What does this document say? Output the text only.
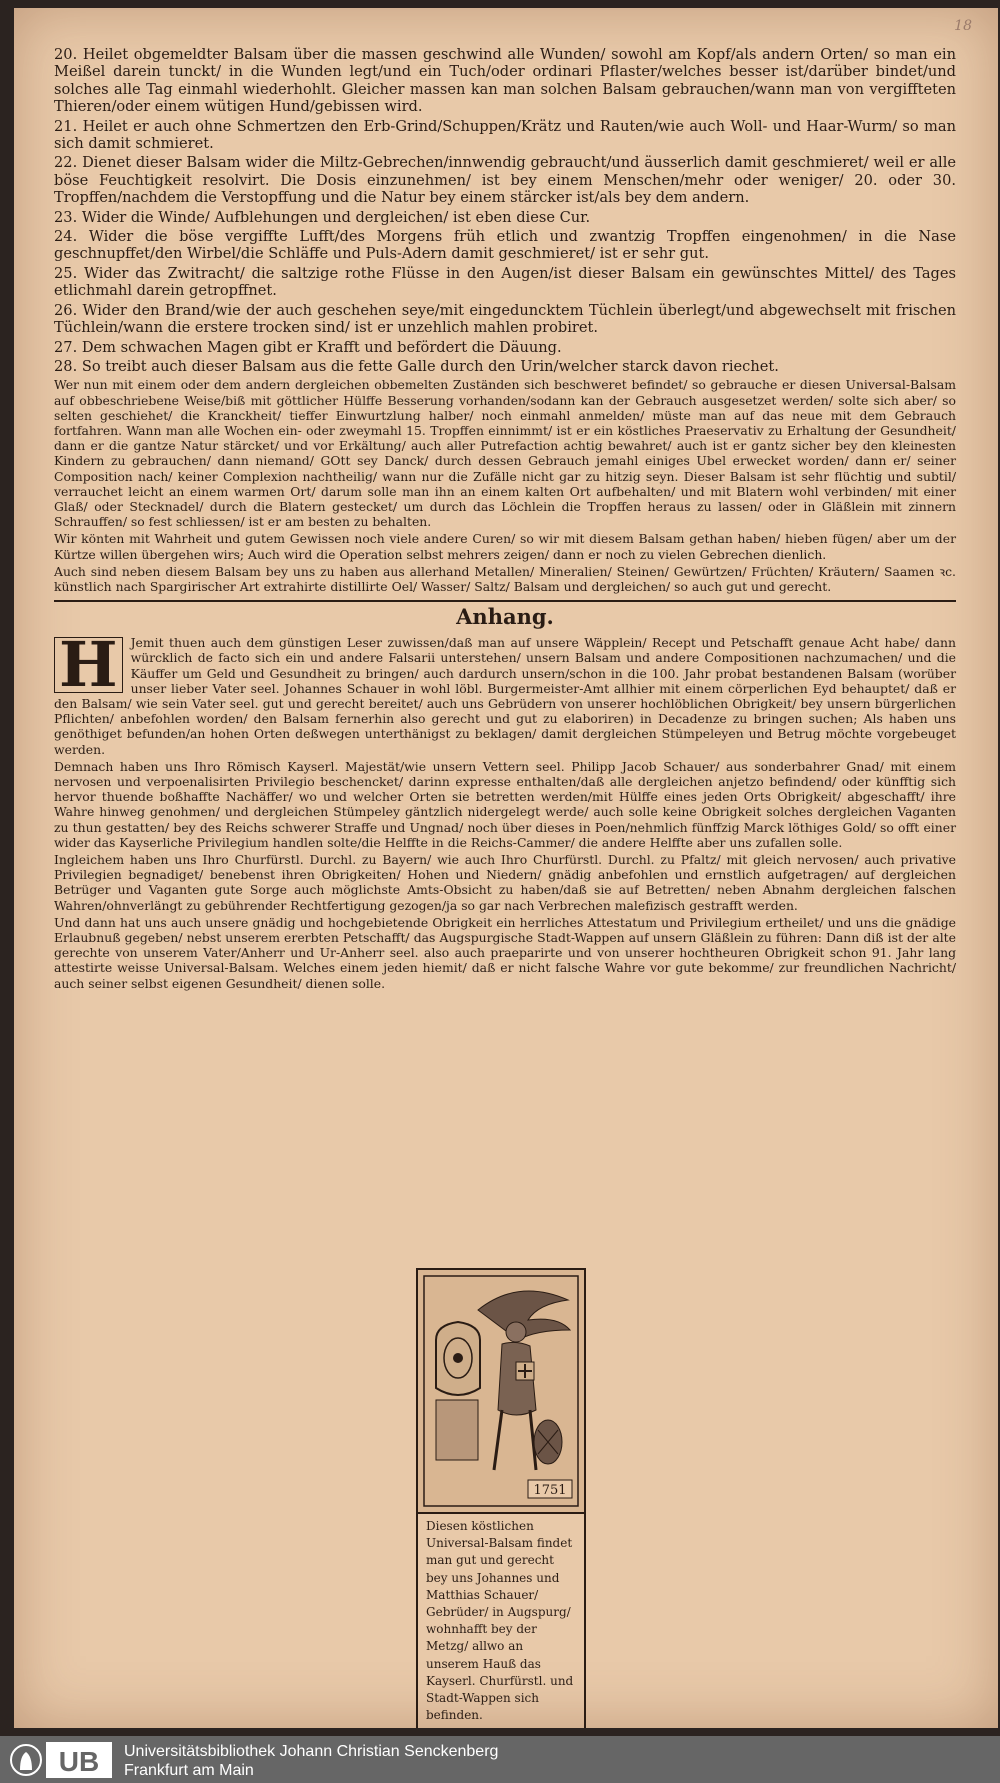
18

20. Heilet obgemeldter Balsam über die massen geschwind alle Wunden/ sowohl am Kopf/als andern Orten/ so man ein Meißel darein tunckt/ in die Wunden legt/und ein Tuch/oder ordinari Pflaster/welches besser ist/darüber bindet/und solches alle Tag einmahl wiederhohlt. Gleicher massen kan man solchen Balsam gebrauchen/wann man von vergiffteten Thieren/oder einem wütigen Hund/gebissen wird.

21. Heilet er auch ohne Schmertzen den Erb-Grind/Schuppen/Krätz und Rauten/wie auch Woll- und Haar-Wurm/ so man sich damit schmieret.

22. Dienet dieser Balsam wider die Miltz-Gebrechen/innwendig gebraucht/und äusserlich damit geschmieret/ weil er alle böse Feuchtigkeit resolvirt. Die Dosis einzunehmen/ ist bey einem Menschen/mehr oder weniger/ 20. oder 30. Tropffen/nachdem die Verstopffung und die Natur bey einem stärcker ist/als bey dem andern.

23. Wider die Winde/ Aufblehungen und dergleichen/ ist eben diese Cur.

24. Wider die böse vergiffte Lufft/des Morgens früh etlich und zwantzig Tropffen eingenohmen/ in die Nase geschnupffet/den Wirbel/die Schläffe und Puls-Adern damit geschmieret/ ist er sehr gut.

25. Wider das Zwitracht/ die saltzige rothe Flüsse in den Augen/ist dieser Balsam ein gewünschtes Mittel/ des Tages etlichmahl darein getropffnet.

26. Wider den Brand/wie der auch geschehen seye/mit eingeduncktem Tüchlein überlegt/und abgewechselt mit frischen Tüchlein/wann die erstere trocken sind/ ist er unzehlich mahlen probiret.

27. Dem schwachen Magen gibt er Krafft und befördert die Däuung.

28. So treibt auch dieser Balsam aus die fette Galle durch den Urin/welcher starck davon riechet.

Wer nun mit einem oder dem andern dergleichen obbemelten Zuständen sich beschweret befindet/ so gebrauche er diesen Universal-Balsam auf obbeschriebene Weise/biß mit göttlicher Hülffe Besserung vorhanden/sodann kan der Gebrauch ausgesetzet werden/ solte sich aber/ so selten geschiehet/ die Kranckheit/ tieffer Einwurtzlung halber/ noch einmahl anmelden/ müste man auf das neue mit dem Gebrauch fortfahren. Wann man alle Wochen ein- oder zweymahl 15. Tropffen einnimmt/ ist er ein köstliches Praeservativ zu Erhaltung der Gesundheit/ dann er die gantze Natur stärcket/ und vor Erkältung/ auch aller Putrefaction achtig bewahret/ auch ist er gantz sicher bey den kleinesten Kindern zu gebrauchen/ dann niemand/ GOtt sey Danck/ durch dessen Gebrauch jemahl einiges Ubel erwecket worden/ dann er/ seiner Composition nach/ keiner Complexion nachtheilig/ wann nur die Zufälle nicht gar zu hitzig seyn. Dieser Balsam ist sehr flüchtig und subtil/ verrauchet leicht an einem warmen Ort/ darum solle man ihn an einem kalten Ort aufbehalten/ und mit Blatern wohl verbinden/ mit einer Glaß/ oder Stecknadel/ durch die Blatern gestecket/ um durch das Löchlein die Tropffen heraus zu lassen/ oder in Gläßlein mit zinnern Schrauffen/ so fest schliessen/ ist er am besten zu behalten.

Wir könten mit Wahrheit und gutem Gewissen noch viele andere Curen/ so wir mit diesem Balsam gethan haben/ hieben fügen/ aber um der Kürtze willen übergehen wirs; Auch wird die Operation selbst mehrers zeigen/ dann er noch zu vielen Gebrechen dienlich.

Auch sind neben diesem Balsam bey uns zu haben aus allerhand Metallen/ Mineralien/ Steinen/ Gewürtzen/ Früchten/ Kräutern/ Saamen ꝛc. künstlich nach Spargirischer Art extrahirte distillirte Oel/ Wasser/ Saltz/ Balsam und dergleichen/ so auch gut und gerecht.

Anhang.

H	Jemit thuen auch dem günstigen Leser zuwissen/daß man auf unsere Wäpplein/ Recept und Petschafft genaue Acht habe/ dann würcklich de facto sich ein und andere Falsarii unterstehen/ unsern Balsam und andere Compositionen nachzumachen/ und die Käuffer um Geld und Gesundheit zu bringen/ auch dardurch unsern/schon in die 100. Jahr probat bestandenen Balsam (worüber unser lieber Vater seel. Johannes Schauer in wohl löbl. Burgermeister-Amt allhier mit einem cörperlichen Eyd behauptet/ daß er den Balsam/ wie sein Vater seel. gut und gerecht bereitet/ auch uns Gebrüdern von unserer hochlöblichen Obrigkeit/ bey unsern bürgerlichen Pflichten/ anbefohlen worden/ den Balsam fernerhin also gerecht und gut zu elaboriren) in Decadenze zu bringen suchen; Als haben uns genöthiget befunden/an hohen Orten deßwegen unterthänigst zu beklagen/ damit dergleichen Stümpeleyen und Betrug möchte vorgebeuget werden.

Demnach haben uns Ihro Römisch Kayserl. Majestät/wie unsern Vettern seel. Philipp Jacob Schauer/ aus sonderbahrer Gnad/ mit einem nervosen und verpoenalisirten Privilegio beschencket/ darinn expresse enthalten/daß alle dergleichen anjetzo befindend/ oder künfftig sich hervor thuende boßhaffte Nachäffer/ wo und welcher Orten sie betretten werden/mit Hülffe eines jeden Orts Obrigkeit/ abgeschafft/ ihre Wahre hinweg genohmen/ und dergleichen Stümpeley gäntzlich nidergelegt werde/ auch solle keine Obrigkeit solches dergleichen Vaganten zu thun gestatten/ bey des Reichs schwerer Straffe und Ungnad/ noch über dieses in Poen/nehmlich fünffzig Marck löthiges Gold/ so offt einer wider das Kayserliche Privilegium handlen solte/die Helffte in die Reichs-Cammer/ die andere Helffte aber uns zufallen solle.

Ingleichem haben uns Ihro Churfürstl. Durchl. zu Bayern/ wie auch Ihro Churfürstl. Durchl. zu Pfaltz/ mit gleich nervosen/ auch privative Privilegien begnadiget/ benebenst ihren Obrigkeiten/ Hohen und Niedern/ gnädig anbefohlen und ernstlich aufgetragen/ auf dergleichen Betrüger und Vaganten gute Sorge auch möglichste Amts-Obsicht zu haben/daß sie auf Betretten/ neben Abnahm dergleichen falschen Wahren/ohnverlängt zu gebührender Rechtfertigung gezogen/ja so gar nach Verbrechen malefizisch gestrafft werden.

Und dann hat uns auch unsere gnädig und hochgebietende Obrigkeit ein herrliches Attestatum und Privilegium ertheilet/ und uns die gnädige Erlaubnuß gegeben/ nebst unserem ererbten Petschafft/ das Augspurgische Stadt-Wappen auf unsern Gläßlein zu führen: Dann diß ist der alte gerechte von unserem Vater/Anherr und Ur-Anherr seel. also auch praeparirte und von unserer hochtheuren Obrigkeit schon 91. Jahr lang attestirte weisse Universal-Balsam. Welches einem jeden hiemit/ daß er nicht falsche Wahre vor gute bekomme/ zur freundlichen Nachricht/ auch seiner selbst eigenen Gesundheit/ dienen solle.

1751
Diesen köstlichen Universal-Balsam findet man gut und gerecht bey uns Johannes und Matthias Schauer/ Gebrüder/ in Augspurg/ wohnhafft bey der Metzg/ allwo an unserem Hauß das Kayserl. Churfürstl. und Stadt-Wappen sich befinden.
UB Universitätsbibliothek Johann Christian Senckenberg
Frankfurt am Main
